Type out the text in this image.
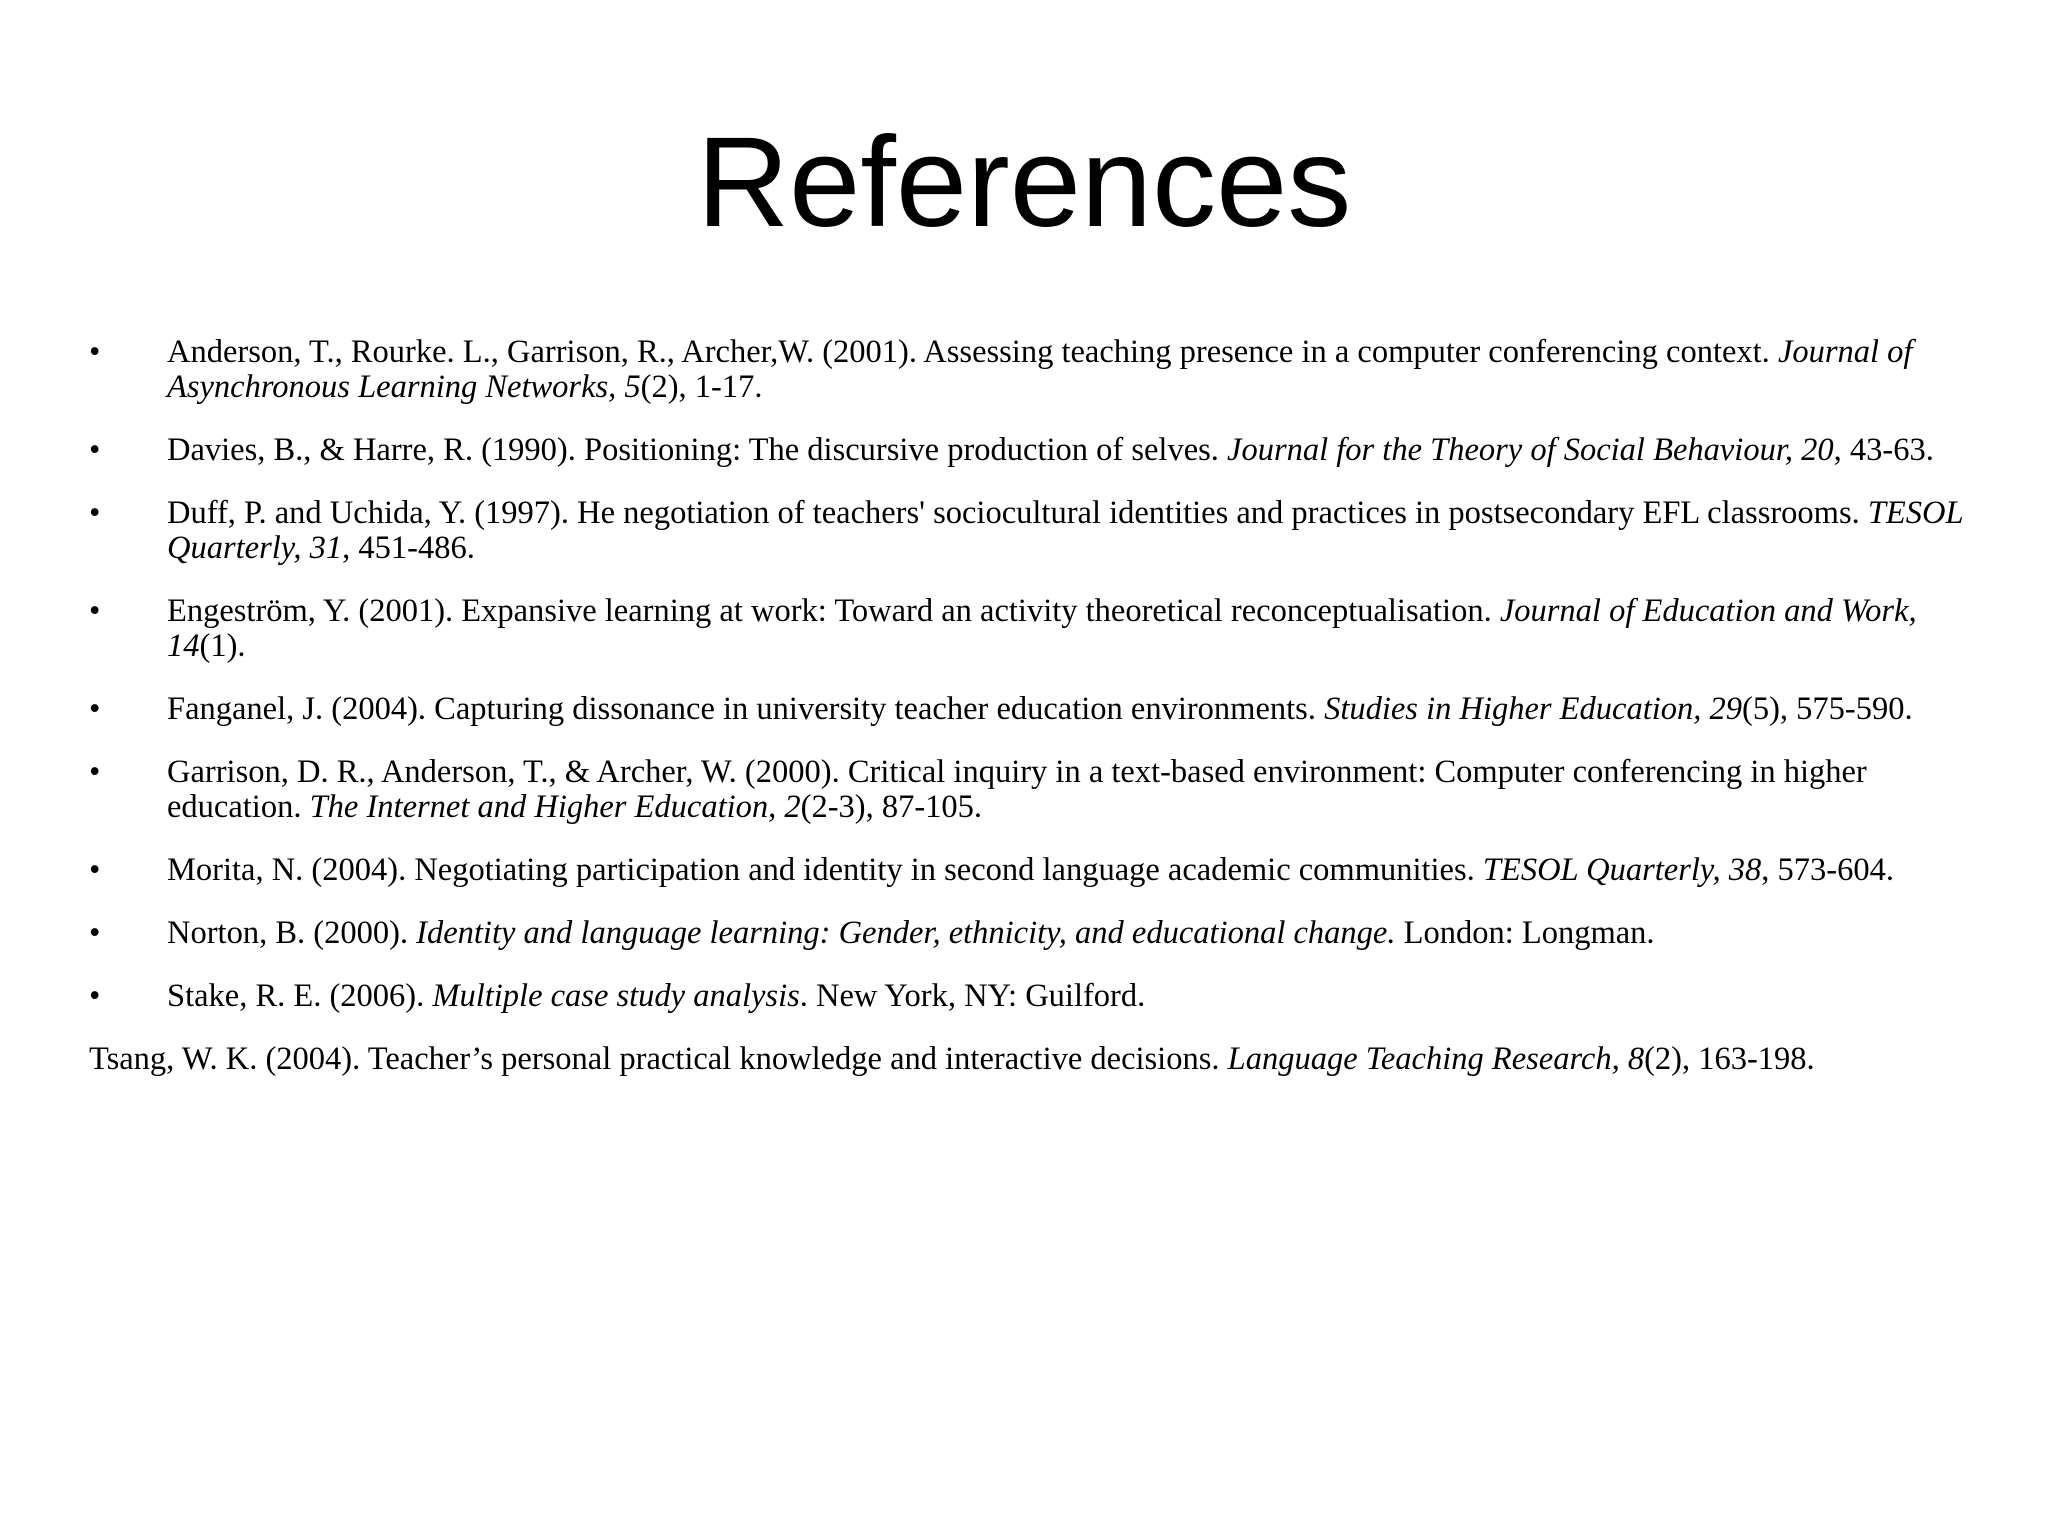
References
•	Anderson, T., Rourke. L., Garrison, R., Archer,W. (2001). Assessing teaching presence in a computer conferencing context. Journal of Asynchronous Learning Networks, 5(2), 1-17.
•	Davies, B., & Harre, R. (1990). Positioning: The discursive production of selves. Journal for the Theory of Social Behaviour, 20, 43-63.
•	Duff, P. and Uchida, Y. (1997). He negotiation of teachers' sociocultural identities and practices in postsecondary EFL classrooms. TESOL Quarterly, 31, 451-486.
•	Engeström, Y. (2001). Expansive learning at work: Toward an activity theoretical reconceptualisation. Journal of Education and Work, 14(1).
•	Fanganel, J. (2004). Capturing dissonance in university teacher education environments. Studies in Higher Education, 29(5), 575-590.
•	Garrison, D. R., Anderson, T., & Archer, W. (2000). Critical inquiry in a text-based environment: Computer conferencing in higher education. The Internet and Higher Education, 2(2-3), 87-105.
•	Morita, N. (2004). Negotiating participation and identity in second language academic communities. TESOL Quarterly, 38, 573-604.
•	Norton, B. (2000). Identity and language learning: Gender, ethnicity, and educational change. London: Longman.
•	Stake, R. E. (2006). Multiple case study analysis. New York, NY: Guilford.
Tsang, W. K. (2004). Teacher’s personal practical knowledge and interactive decisions. Language Teaching Research, 8(2), 163-198.
